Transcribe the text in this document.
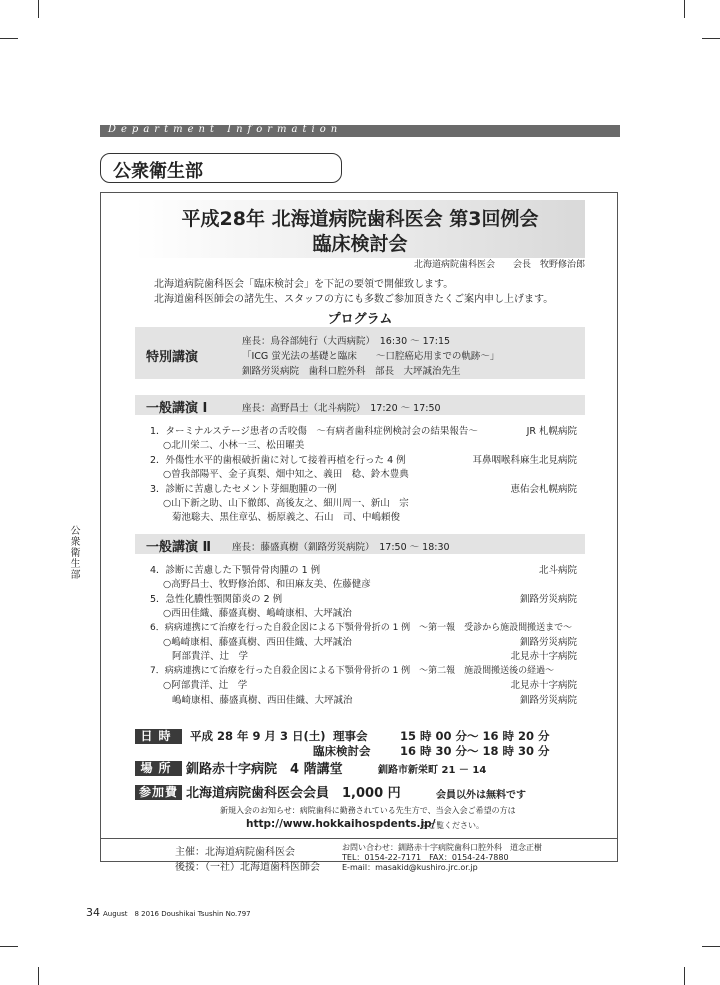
Department Information
公衆衛生部
平成28年 北海道病院歯科医会 第3回例会
臨床検討会
北海道病院歯科医会　　会長　牧野修治郎
北海道病院歯科医会「臨床検討会」を下記の要領で開催致します。
北海道歯科医師会の諸先生、スタッフの方にも多数ご参加頂きたくご案内申し上げます。
プログラム
特別講演
座長：鳥谷部純行（大西病院）　16:30 ～ 17:15
「ICG 蛍光法の基礎と臨床　　～口腔癌応用までの軌跡～」
釧路労災病院　歯科口腔外科　部長　大坪誠治先生
一般講演 Ⅰ	座長：高野昌士（北斗病院）　17:20 ～ 17:50
1．ターミナルステージ患者の舌咬傷　～有病者歯科症例検討会の結果報告～	JR 札幌病院
○北川栄二、小林一三、松田曜美
2．外傷性水平的歯根破折歯に対して接着再植を行った 4 例	耳鼻咽喉科麻生北見病院
○曽我部陽平、金子真梨、畑中知之、義田　稔、鈴木豊典
3．診断に苦慮したセメント芽細胞腫の一例	恵佑会札幌病院
○山下新之助、山下徹郎、高後友之、細川周一、新山　宗
菊池聡夫、黒住章弘、栃原義之、石山　司、中嶋頼俊
一般講演 Ⅱ 座長：藤盛真樹（釧路労災病院）　17:50 ～ 18:30
4．診断に苦慮した下顎骨骨肉腫の 1 例	北斗病院
○高野昌士、牧野修治郎、和田麻友美、佐藤健彦
5．急性化膿性顎関節炎の 2 例	釧路労災病院
○西田佳織、藤盛真樹、嶋崎康相、大坪誠治
6．病病連携にて治療を行った自殺企図による下顎骨骨折の 1 例　～第一報　受診から施設間搬送まで～
○嶋崎康相、藤盛真樹、西田佳織、大坪誠治	釧路労災病院
阿部貴洋、辻　学	北見赤十字病院
7．病病連携にて治療を行った自殺企図による下顎骨骨折の 1 例　～第二報　施設間搬送後の経過～
○阿部貴洋、辻　学	北見赤十字病院
嶋崎康相、藤盛真樹、西田佳織、大坪誠治	釧路労災病院
日時	平成 28 年 9 月 3 日(土) 理事会	15 時 00 分～ 16 時 20 分
臨床検討会	16 時 30 分～ 18 時 30 分
場所 釧路赤十字病院　4 階講堂	釧路市新栄町 21 － 14
参加費 北海道病院歯科医会会員　1,000 円	会員以外は無料です
新規入会のお知らせ：病院歯科に勤務されている先生方で、当会入会ご希望の方は
http://www.hokkaihospdents.jp/
をご覧ください。
主催：北海道病院歯科医会
後援：（一社）北海道歯科医師会
お問い合わせ：釧路赤十字病院歯科口腔外科　道念正樹
TEL：0154-22-7171　FAX：0154-24-7880
E-mail：masakid@kushiro.jrc.or.jp
34 August　8 2016 Doushikai Tsushin No.797
公衆衛生部
